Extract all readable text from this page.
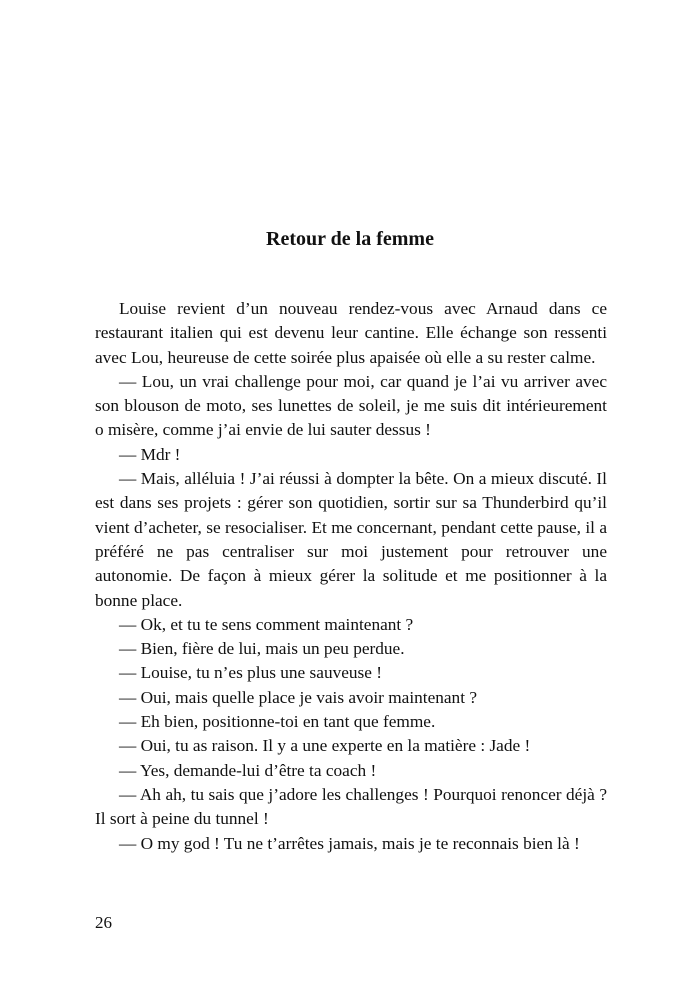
Retour de la femme

Louise revient d’un nouveau rendez-vous avec Arnaud dans ce restaurant italien qui est devenu leur cantine. Elle échange son ressenti avec Lou, heureuse de cette soirée plus apaisée où elle a su rester calme.

— Lou, un vrai challenge pour moi, car quand je l’ai vu arriver avec son blouson de moto, ses lunettes de soleil, je me suis dit intérieurement o misère, comme j’ai envie de lui sauter dessus !

— Mdr !

— Mais, alléluia ! J’ai réussi à dompter la bête. On a mieux discuté. Il est dans ses projets : gérer son quotidien, sortir sur sa Thunderbird qu’il vient d’acheter, se resocialiser. Et me concernant, pendant cette pause, il a préféré ne pas centraliser sur moi justement pour retrouver une autonomie. De façon à mieux gérer la solitude et me positionner à la bonne place.

— Ok, et tu te sens comment maintenant ?

— Bien, fière de lui, mais un peu perdue.

— Louise, tu n’es plus une sauveuse !

— Oui, mais quelle place je vais avoir maintenant ?

— Eh bien, positionne-toi en tant que femme.

— Oui, tu as raison. Il y a une experte en la matière : Jade !

— Yes, demande-lui d’être ta coach !

— Ah ah, tu sais que j’adore les challenges ! Pourquoi renoncer déjà ? Il sort à peine du tunnel !

— O my god ! Tu ne t’arrêtes jamais, mais je te reconnais bien là !

26
